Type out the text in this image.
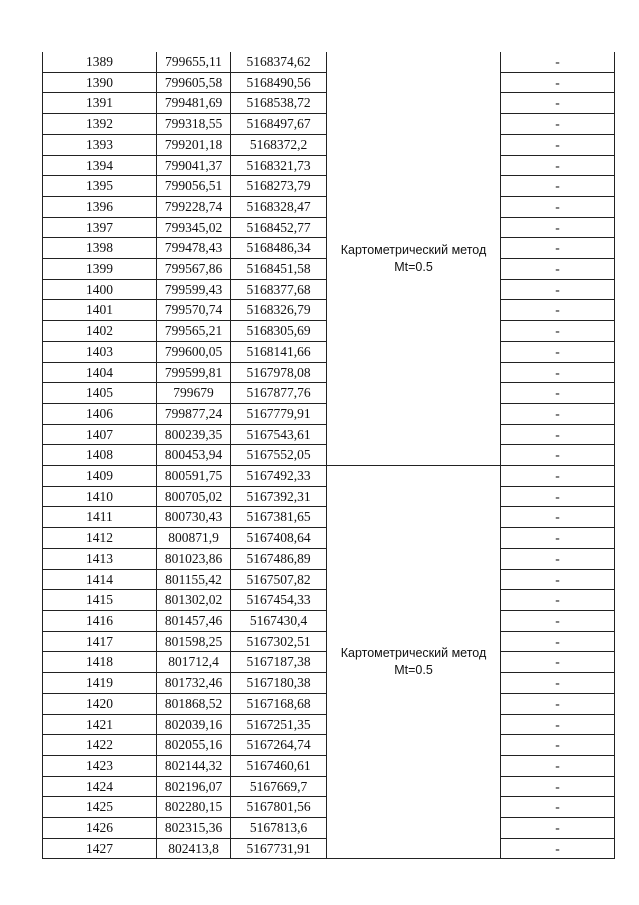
1389	799655,11	5168374,62	Картометрический метод
Mt=0.5	-
1390	799605,58	5168490,56		-
1391	799481,69	5168538,72		-
1392	799318,55	5168497,67		-
1393	799201,18	5168372,2		-
1394	799041,37	5168321,73		-
1395	799056,51	5168273,79		-
1396	799228,74	5168328,47		-
1397	799345,02	5168452,77		-
1398	799478,43	5168486,34		-
1399	799567,86	5168451,58		-
1400	799599,43	5168377,68		-
1401	799570,74	5168326,79		-
1402	799565,21	5168305,69		-
1403	799600,05	5168141,66		-
1404	799599,81	5167978,08		-
1405	799679	5167877,76		-
1406	799877,24	5167779,91		-
1407	800239,35	5167543,61		-
1408	800453,94	5167552,05		-
1409	800591,75	5167492,33	Картометрический метод
Mt=0.5	-
1410	800705,02	5167392,31		-
1411	800730,43	5167381,65		-
1412	800871,9	5167408,64		-
1413	801023,86	5167486,89		-
1414	801155,42	5167507,82		-
1415	801302,02	5167454,33		-
1416	801457,46	5167430,4		-
1417	801598,25	5167302,51		-
1418	801712,4	5167187,38		-
1419	801732,46	5167180,38		-
1420	801868,52	5167168,68		-
1421	802039,16	5167251,35		-
1422	802055,16	5167264,74		-
1423	802144,32	5167460,61		-
1424	802196,07	5167669,7		-
1425	802280,15	5167801,56		-
1426	802315,36	5167813,6		-
1427	802413,8	5167731,91		-
